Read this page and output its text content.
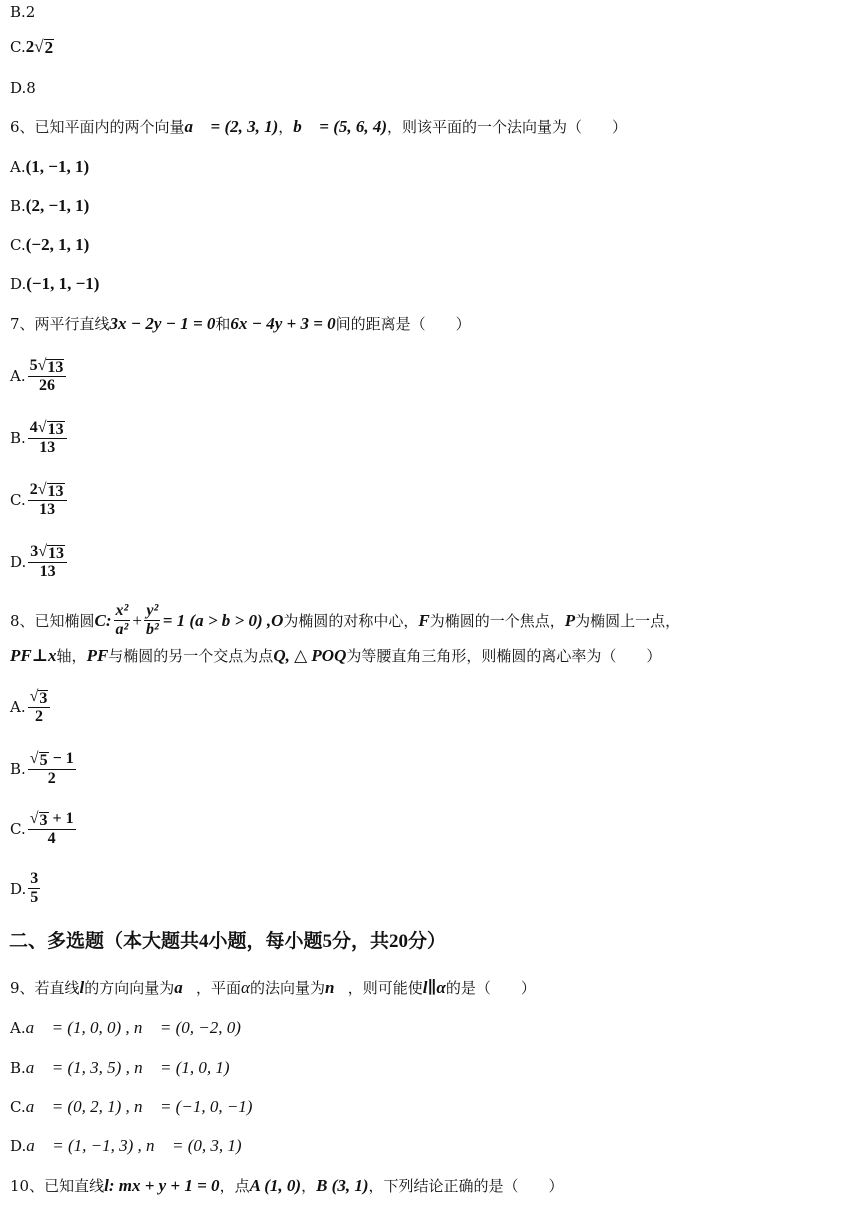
B.2
C. 2 √ 2
D.8
6、已知平面内的两个向量a⃗ = (2, 3, 1)，b⃗ = (5, 6, 4)，则该平面的一个法向量为（　　）
A.(1, −1, 1)
B.(2, −1, 1)
C.(−2, 1, 1)
D.(−1, 1, −1)
7、两平行直线3x − 2y − 1 = 0和6x − 4y + 3 = 0间的距离是（　　）
A. $\frac{5 √ 13}{26}$
B. $\frac{4 √ 13}{13}$
C. $\frac{2 √ 13}{13}$
D. $\frac{3 √ 13}{13}$
8、已知椭圆 C: $\frac{\text{x²}}{\text{a²}} + \frac{\text{y²}}{\text{b²}} = 1$ (a > b > 0) , O 为椭圆的对称中心， F 为椭圆的一个焦点， P 为椭圆上一点，
PF⊥x轴，PF与椭圆的另一个交点为点Q, △ POQ为等腰直角三角形，则椭圆的离心率为（　　）
A. $\frac{√ 3}{2}$
B. $\frac{√ 5 - 1}{2}$
C. $\frac{√ 3 + 1}{4}$
D. $\frac{3}{5}$
二、多选题（本大题共4小题，每小题5分，共20分）
9、若直线l的方向向量为a⃗，平面α的法向量为n⃗，则可能使l∥α的是（　　）
A.a⃗ = (1, 0, 0) , n⃗ = (0, −2, 0)
B.a⃗ = (1, 3, 5) , n⃗ = (1, 0, 1)
C.a⃗ = (0, 2, 1) , n⃗ = (−1, 0, −1)
D.a⃗ = (1, −1, 3) , n⃗ = (0, 3, 1)
10、已知直线l: mx + y + 1 = 0，点A (1, 0)，B (3, 1)，下列结论正确的是（　　）
